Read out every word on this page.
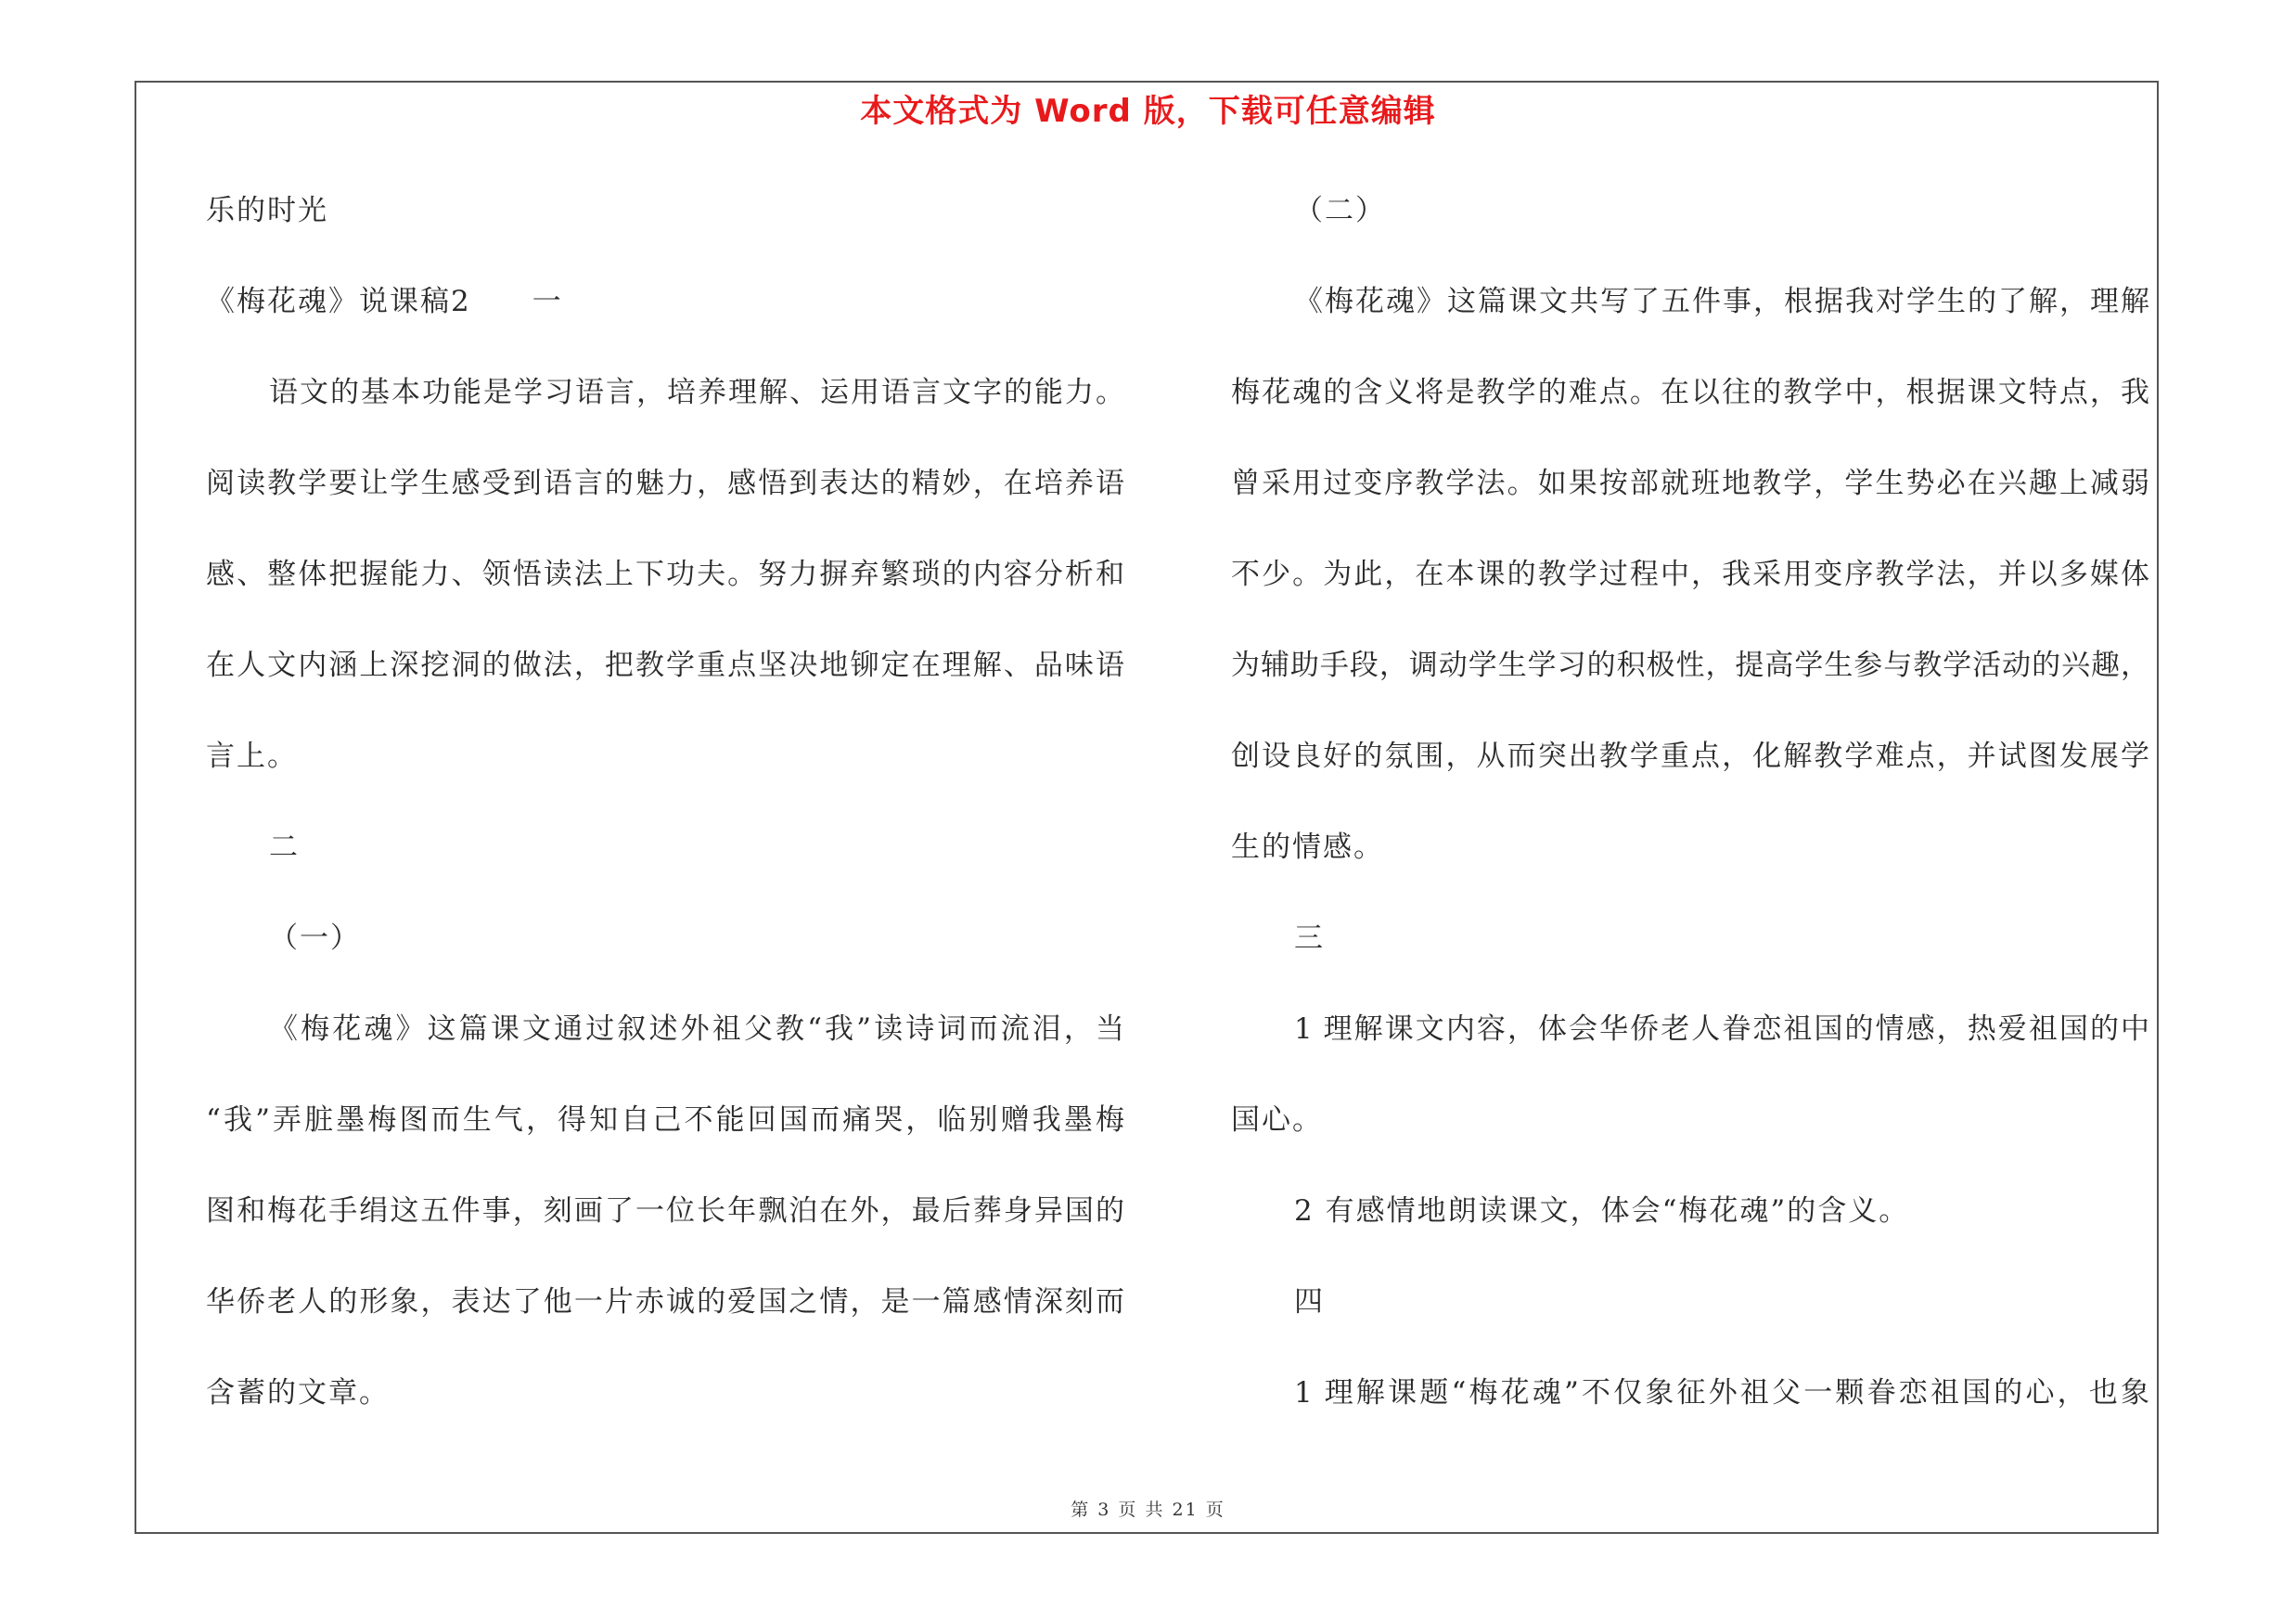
本文格式为 Word 版，下载可任意编辑
乐的时光
《梅花魂》说课稿2　　一
语文的基本功能是学习语言，培养理解、运用语言文字的能力。
阅读教学要让学生感受到语言的魅力，感悟到表达的精妙，在培养语
感、整体把握能力、领悟读法上下功夫。努力摒弃繁琐的内容分析和
在人文内涵上深挖洞的做法，把教学重点坚决地铆定在理解、品味语
言上。
二
（一）
《梅花魂》这篇课文通过叙述外祖父教“我”读诗词而流泪，当
“我”弄脏墨梅图而生气，得知自己不能回国而痛哭，临别赠我墨梅
图和梅花手绢这五件事，刻画了一位长年飘泊在外，最后葬身异国的
华侨老人的形象，表达了他一片赤诚的爱国之情，是一篇感情深刻而
含蓄的文章。
（二）
《梅花魂》这篇课文共写了五件事，根据我对学生的了解，理解
梅花魂的含义将是教学的难点。在以往的教学中，根据课文特点，我
曾采用过变序教学法。如果按部就班地教学，学生势必在兴趣上减弱
不少。为此，在本课的教学过程中，我采用变序教学法，并以多媒体
为辅助手段，调动学生学习的积极性，提高学生参与教学活动的兴趣，
创设良好的氛围，从而突出教学重点，化解教学难点，并试图发展学
生的情感。
三
1 理解课文内容，体会华侨老人眷恋祖国的情感，热爱祖国的中
国心。
2 有感情地朗读课文，体会“梅花魂”的含义。
四
1 理解课题“梅花魂”不仅象征外祖父一颗眷恋祖国的心，也象
第 3 页 共 21 页
